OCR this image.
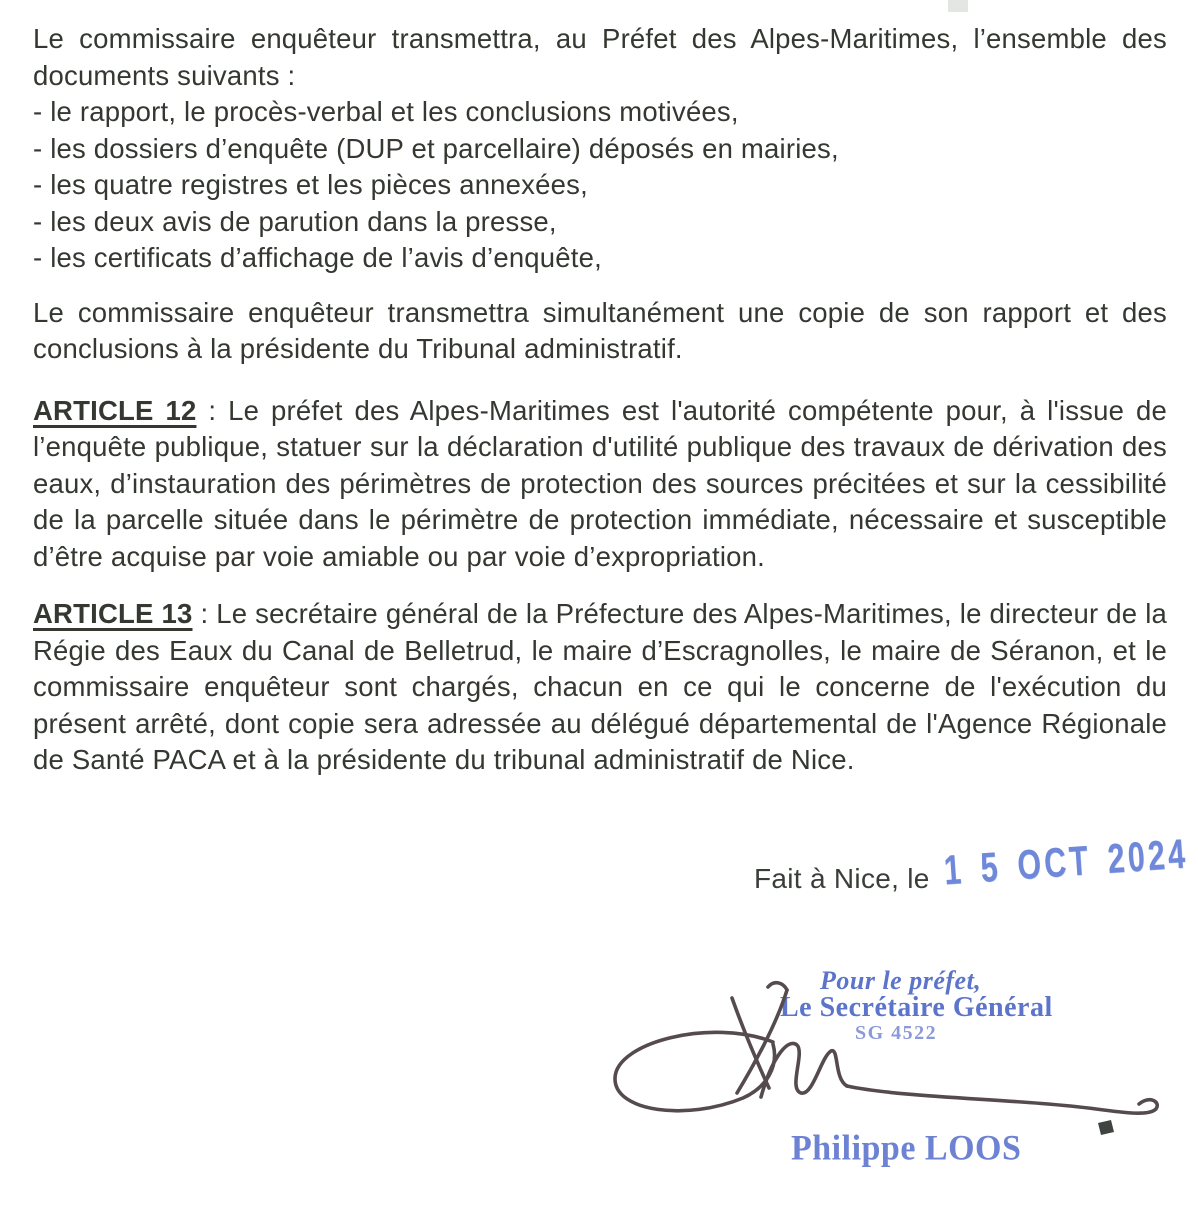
Le commissaire enquêteur transmettra, au Préfet des Alpes-Maritimes, l’ensemble des documents suivants :
- le rapport, le procès-verbal et les conclusions motivées,
- les dossiers d’enquête (DUP et parcellaire) déposés en mairies,
- les quatre registres et les pièces annexées,
- les deux avis de parution dans la presse,
- les certificats d’affichage de l’avis d’enquête,
Le commissaire enquêteur transmettra simultanément une copie de son rapport et des conclusions à la présidente du Tribunal administratif.
ARTICLE 12 : Le préfet des Alpes-Maritimes est l'autorité compétente pour, à l'issue de l’enquête publique, statuer sur la déclaration d'utilité publique des travaux de dérivation des eaux, d’instauration des périmètres de protection des sources précitées et sur la cessibilité de la parcelle située dans le périmètre de protection immédiate, nécessaire et susceptible d’être acquise par voie amiable ou par voie d’expropriation.
ARTICLE 13 : Le secrétaire général de la Préfecture des Alpes-Maritimes, le directeur de la Régie des Eaux du Canal de Belletrud, le maire d’Escragnolles, le maire de Séranon, et le commissaire enquêteur sont chargés, chacun en ce qui le concerne de l'exécution du présent arrêté, dont copie sera adressée au délégué départemental de l'Agence Régionale de Santé PACA et à la présidente du tribunal administratif de Nice.
Fait à Nice, le 1 5 OCT 2024
Pour le préfet,
Le Secrétaire Général
SG 4522
Philippe LOOS
